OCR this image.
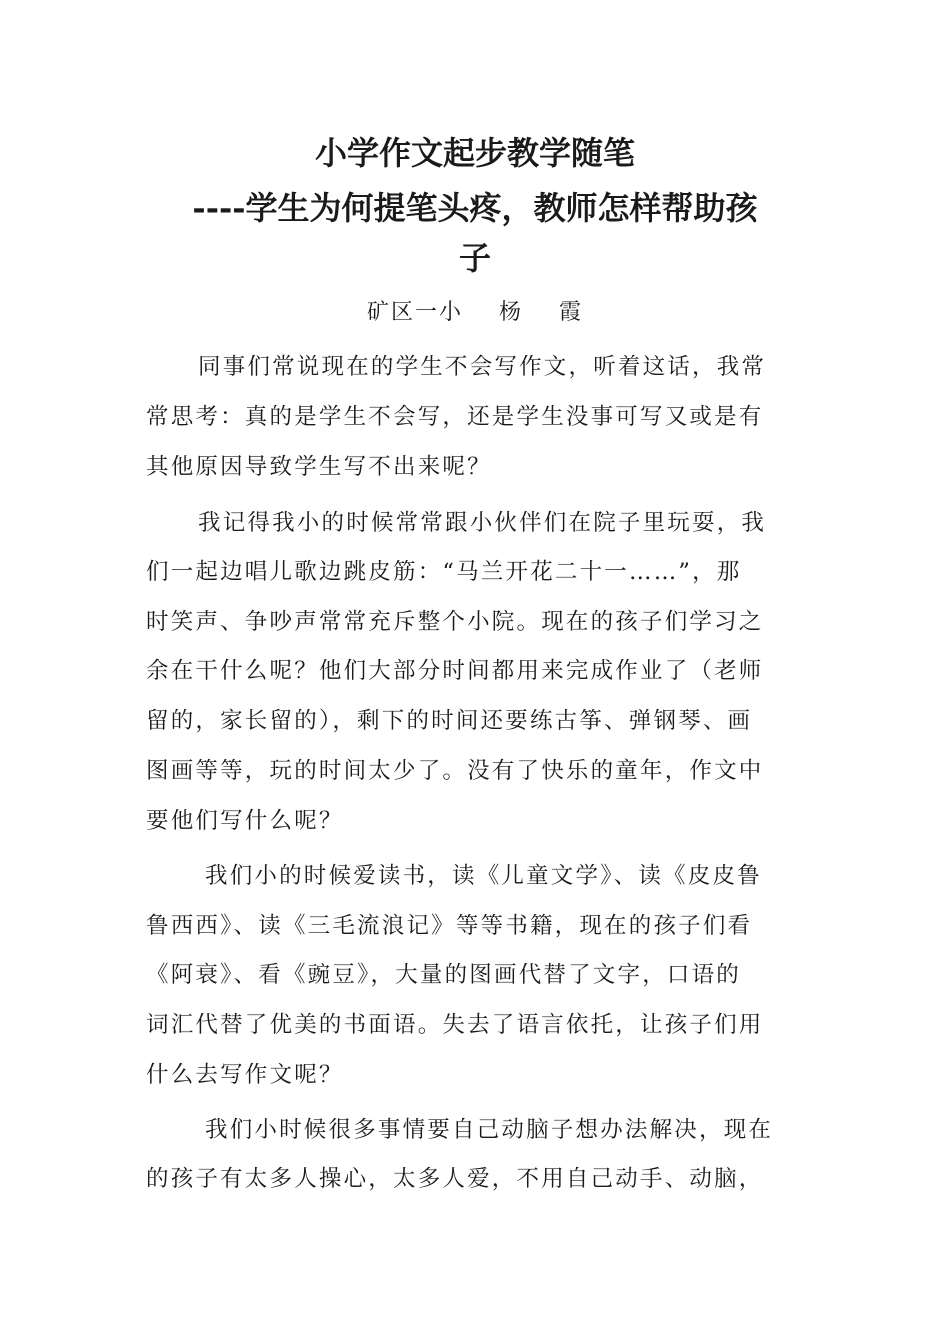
小学作文起步教学随笔
----学生为何提笔头疼，教师怎样帮助孩
子
矿区一小    杨    霞
同事们常说现在的学生不会写作文，听着这话，我常
常思考：真的是学生不会写，还是学生没事可写又或是有
其他原因导致学生写不出来呢？
我记得我小的时候常常跟小伙伴们在院子里玩耍，我
们一起边唱儿歌边跳皮筋：“马兰开花二十一……”，那
时笑声、争吵声常常充斥整个小院。现在的孩子们学习之
余在干什么呢？他们大部分时间都用来完成作业了（老师
留的，家长留的），剩下的时间还要练古筝、弹钢琴、画
图画等等，玩的时间太少了。没有了快乐的童年，作文中
要他们写什么呢？
我们小的时候爱读书，读《儿童文学》、读《皮皮鲁
鲁西西》、读《三毛流浪记》等等书籍，现在的孩子们看
《阿衰》、看《豌豆》，大量的图画代替了文字，口语的
词汇代替了优美的书面语。失去了语言依托，让孩子们用
什么去写作文呢？
我们小时候很多事情要自己动脑子想办法解决，现在
的孩子有太多人操心，太多人爱，不用自己动手、动脑，
